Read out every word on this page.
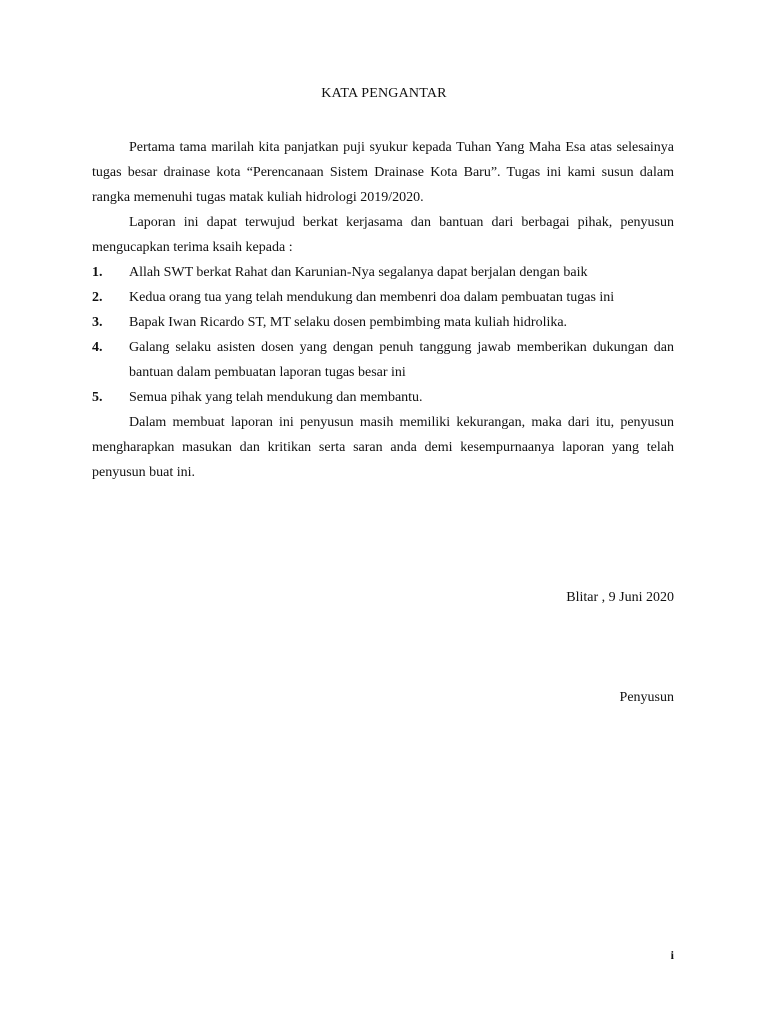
KATA PENGANTAR

Pertama tama marilah kita panjatkan puji syukur kepada Tuhan Yang Maha Esa atas selesainya tugas besar drainase kota “Perencanaan Sistem Drainase Kota Baru”. Tugas ini kami susun dalam rangka memenuhi tugas matak kuliah hidrologi 2019/2020.

Laporan ini dapat terwujud berkat kerjasama dan bantuan dari berbagai pihak, penyusun mengucapkan terima ksaih kepada :

1. Allah SWT berkat Rahat dan Karunian-Nya segalanya dapat berjalan dengan baik
2. Kedua orang tua yang telah mendukung dan membenri doa dalam pembuatan tugas ini
3. Bapak Iwan Ricardo ST, MT selaku dosen pembimbing mata kuliah hidrolika.
4. Galang selaku asisten dosen yang dengan penuh tanggung jawab memberikan dukungan dan bantuan dalam pembuatan laporan tugas besar ini
5. Semua pihak yang telah mendukung dan membantu.

Dalam membuat laporan ini penyusun masih memiliki kekurangan, maka dari itu, penyusun mengharapkan masukan dan kritikan serta saran anda demi kesempurnaanya laporan yang telah penyusun buat ini.

Blitar , 9 Juni 2020
Penyusun
i
